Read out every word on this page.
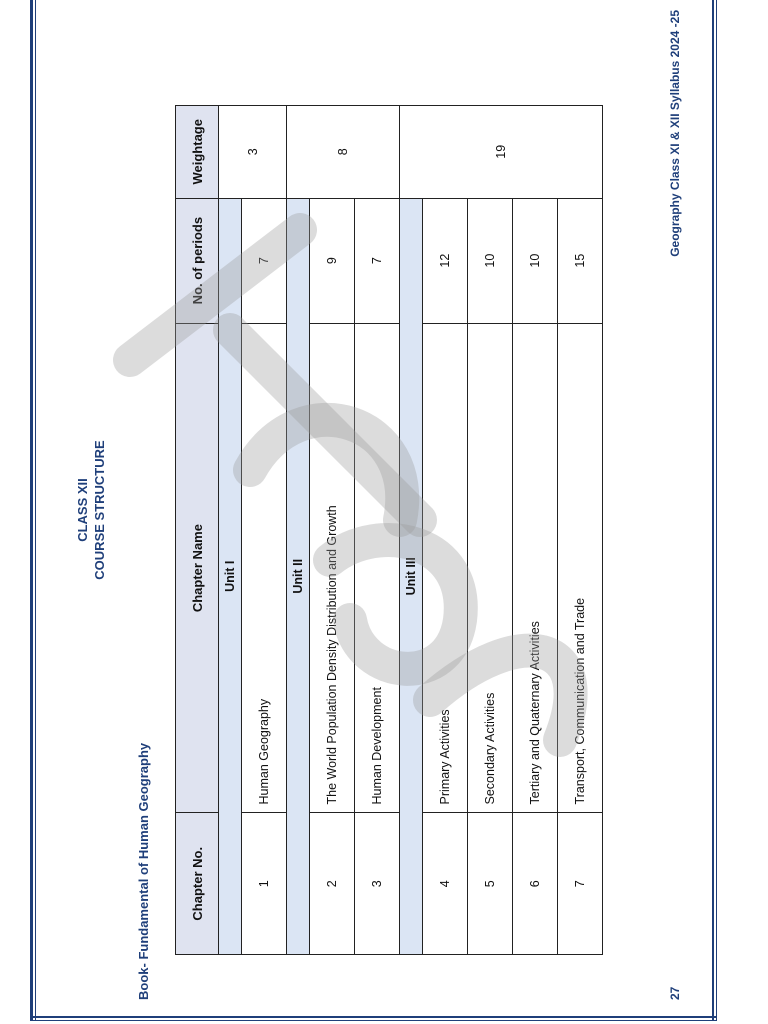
CLASS XII COURSE STRUCTURE
Book- Fundamental of Human Geography	Chapter No.	Chapter Name	No. of periods	Weightage
Unit I			3
1	Human Geography	7	
Unit II			8
2	The World Population Density Distribution and Growth	9	
3	Human Development	7	
Unit III			19
4	Primary Activities	12	
5	Secondary Activities	10	
6	Tertiary and Quaternary Activities	10	
7	Transport, Communication and Trade	15	
27
Geography Class XI & XII Syllabus 2024 -25
